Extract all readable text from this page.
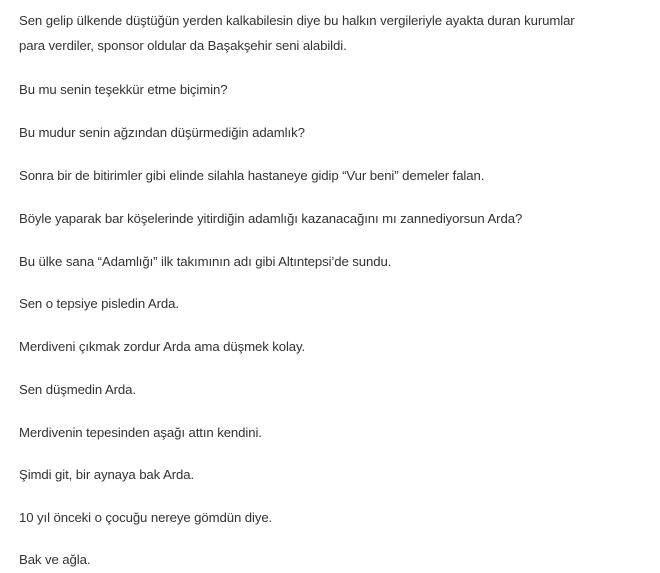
Sen gelip ülkende düştüğün yerden kalkabilesin diye bu halkın vergileriyle ayakta duran kurumlar
para verdiler, sponsor oldular da Başakşehir seni alabildi.
Bu mu senin teşekkür etme biçimin?
Bu mudur senin ağzından düşürmediğin adamlık?
Sonra bir de bitirimler gibi elinde silahla hastaneye gidip “Vur beni” demeler falan.
Böyle yaparak bar köşelerinde yitirdiğin adamlığı kazanacağını mı zannediyorsun Arda?
Bu ülke sana “Adamlığı” ilk takımının adı gibi Altıntepsi’de sundu.
Sen o tepsiye pisledin Arda.
Merdiveni çıkmak zordur Arda ama düşmek kolay.
Sen düşmedin Arda.
Merdivenin tepesinden aşağı attın kendini.
Şimdi git, bir aynaya bak Arda.
10 yıl önceki o çocuğu nereye gömdün diye.
Bak ve ağla.
